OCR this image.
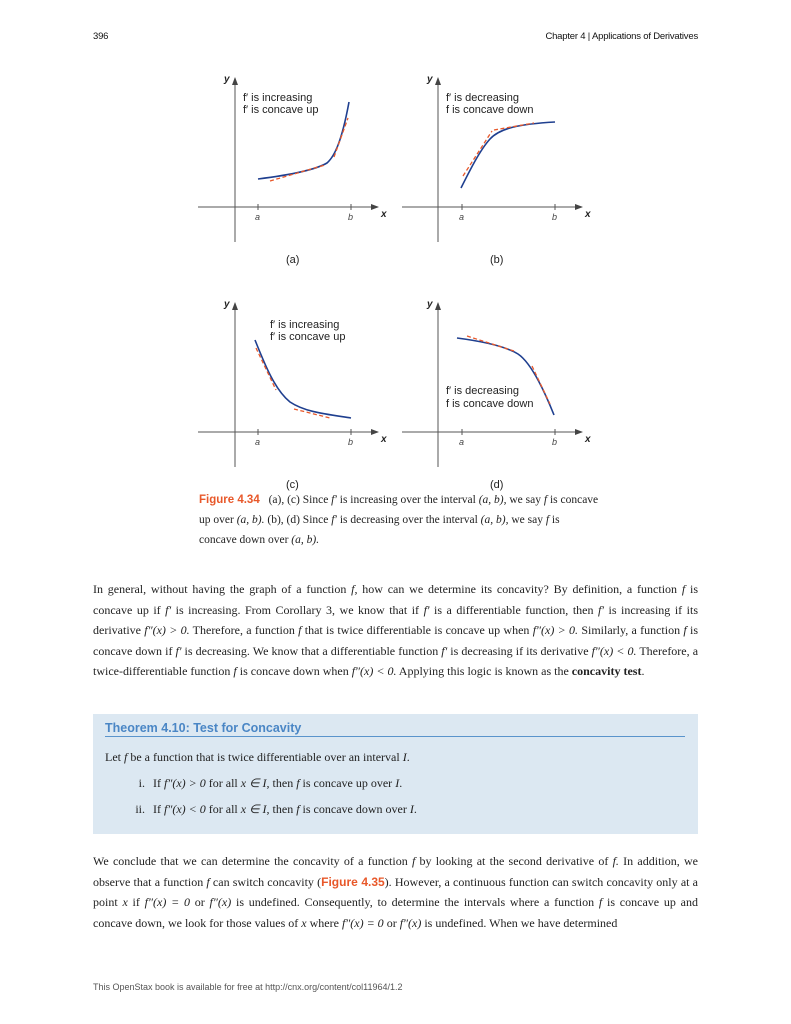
396	Chapter 4 | Applications of Derivatives
a	b	x
y
f′ is increasing
f′ is concave up
(a)
a	b	x
y
f′ is decreasing
f is concave down
(b)
a	b	x
y
f′ is increasing
f′ is concave up
(c)
a	b	x
y
f′ is decreasing
f is concave down
(d)
Figure 4.34 (a), (c) Since f′ is increasing over the interval (a, b), we say f is concave up over (a, b). (b), (d) Since f′ is decreasing over the interval (a, b), we say f is concave down over (a, b).
In general, without having the graph of a function f, how can we determine its concavity? By definition, a function f is concave up if f′ is increasing. From Corollary 3, we know that if f′ is a differentiable function, then f′ is increasing if its derivative f″(x) > 0. Therefore, a function f that is twice differentiable is concave up when f″(x) > 0. Similarly, a function f is concave down if f′ is decreasing. We know that a differentiable function f′ is decreasing if its derivative f″(x) < 0. Therefore, a twice-differentiable function f is concave down when f″(x) < 0. Applying this logic is known as the concavity test.
Theorem 4.10: Test for Concavity
Let f be a function that is twice differentiable over an interval I.
i. If f″(x) > 0 for all x ∈ I, then f is concave up over I.
ii. If f″(x) < 0 for all x ∈ I, then f is concave down over I.
We conclude that we can determine the concavity of a function f by looking at the second derivative of f. In addition, we observe that a function f can switch concavity (Figure 4.35). However, a continuous function can switch concavity only at a point x if f″(x) = 0 or f″(x) is undefined. Consequently, to determine the intervals where a function f is concave up and concave down, we look for those values of x where f″(x) = 0 or f″(x) is undefined. When we have determined
This OpenStax book is available for free at http://cnx.org/content/col11964/1.2
